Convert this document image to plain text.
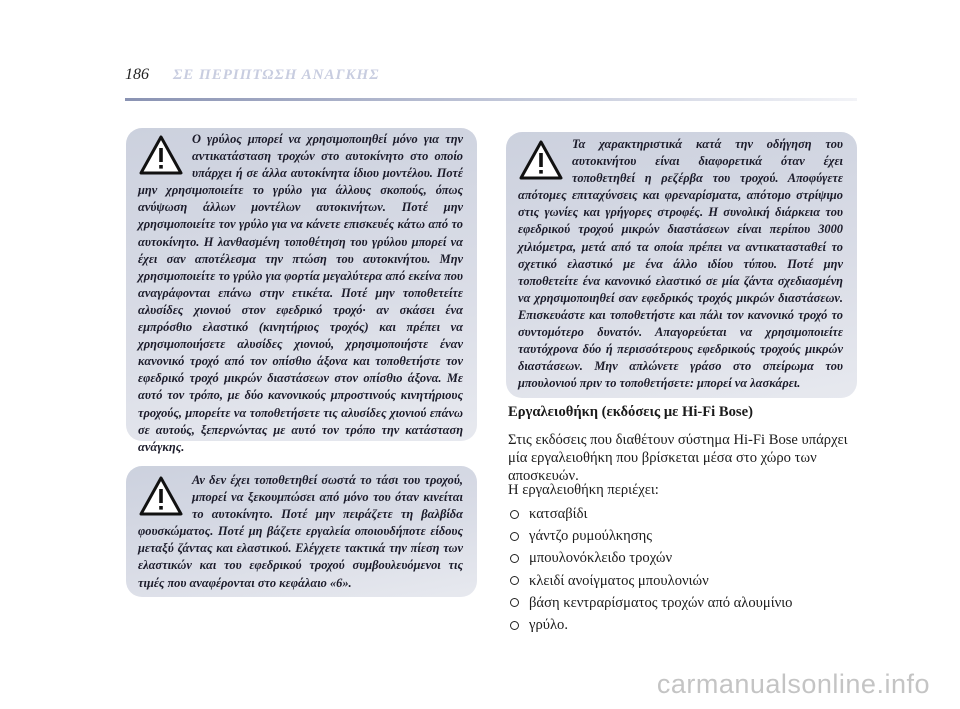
186 ΣΕ ΠΕΡΙΠΤΩΣΗ ΑΝΑΓΚΗΣ

Ο γρύλος μπορεί να χρησιμοποιηθεί μόνο για την αντικατάσταση τροχών στο αυτοκίνητο στο οποίο υπάρχει ή σε άλλα αυτοκίνητα ίδιου μοντέλου. Ποτέ μην χρησιμοποιείτε το γρύλο για άλλους σκοπούς, όπως ανύψωση άλλων μοντέλων αυτοκινήτων. Ποτέ μην χρησιμοποιείτε τον γρύλο για να κάνετε επισκευές κάτω από το αυτοκίνητο. Η λανθασμένη τοποθέτηση του γρύλου μπορεί να έχει σαν αποτέλεσμα την πτώση του αυτοκινήτου. Μην χρησιμοποιείτε το γρύλο για φορτία μεγαλύτερα από εκείνα που αναγράφονται επάνω στην ετικέτα. Ποτέ μην τοποθετείτε αλυσίδες χιονιού στον εφεδρικό τροχό· αν σκάσει ένα εμπρόσθιο ελαστικό (κινητήριος τροχός) και πρέπει να χρησιμοποιήσετε αλυσίδες χιονιού, χρησιμοποιήστε έναν κανονικό τροχό από τον οπίσθιο άξονα και τοποθετήστε τον εφεδρικό τροχό μικρών διαστάσεων στον οπίσθιο άξονα. Με αυτό τον τρόπο, με δύο κανονικούς μπροστινούς κινητήριους τροχούς, μπορείτε να τοποθετήσετε τις αλυσίδες χιονιού επάνω σε αυτούς, ξεπερνώντας με αυτό τον τρόπο την κατάσταση ανάγκης.

Αν δεν έχει τοποθετηθεί σωστά το τάσι του τροχού, μπορεί να ξεκουμπώσει από μόνο του όταν κινείται το αυτοκίνητο. Ποτέ μην πειράζετε τη βαλβίδα φουσκώματος. Ποτέ μη βάζετε εργαλεία οποιουδήποτε είδους μεταξύ ζάντας και ελαστικού. Ελέγχετε τακτικά την πίεση των ελαστικών και του εφεδρικού τροχού συμβουλευόμενοι τις τιμές που αναφέρονται στο κεφάλαιο «6».

Τα χαρακτηριστικά κατά την οδήγηση του αυτοκινήτου είναι διαφορετικά όταν έχει τοποθετηθεί η ρεζέρβα του τροχού. Αποφύγετε απότομες επιταχύνσεις και φρεναρίσματα, απότομο στρίψιμο στις γωνίες και γρήγορες στροφές. Η συνολική διάρκεια του εφεδρικού τροχού μικρών διαστάσεων είναι περίπου 3000 χιλιόμετρα, μετά από τα οποία πρέπει να αντικατασταθεί το σχετικό ελαστικό με ένα άλλο ιδίου τύπου. Ποτέ μην τοποθετείτε ένα κανονικό ελαστικό σε μία ζάντα σχεδιασμένη να χρησιμοποιηθεί σαν εφεδρικός τροχός μικρών διαστάσεων. Επισκευάστε και τοποθετήστε και πάλι τον κανονικό τροχό το συντομότερο δυνατόν. Απαγορεύεται να χρησιμοποιείτε ταυτόχρονα δύο ή περισσότερους εφεδρικούς τροχούς μικρών διαστάσεων. Μην απλώνετε γράσο στο σπείρωμα του μπουλονιού πριν το τοποθετήσετε: μπορεί να λασκάρει.

Εργαλειοθήκη (εκδόσεις με Hi-Fi Bose)

Στις εκδόσεις που διαθέτουν σύστημα Hi-Fi Bose υπάρχει μία εργαλειοθήκη που βρίσκεται μέσα στο χώρο των αποσκευών.

Η εργαλειοθήκη περιέχει:

κατσαβίδι
γάντζο ρυμούλκησης
μπουλονόκλειδο τροχών
κλειδί ανοίγματος μπουλονιών
βάση κεντραρίσματος τροχών από αλουμίνιο
γρύλο.
carmanualsonline.info
